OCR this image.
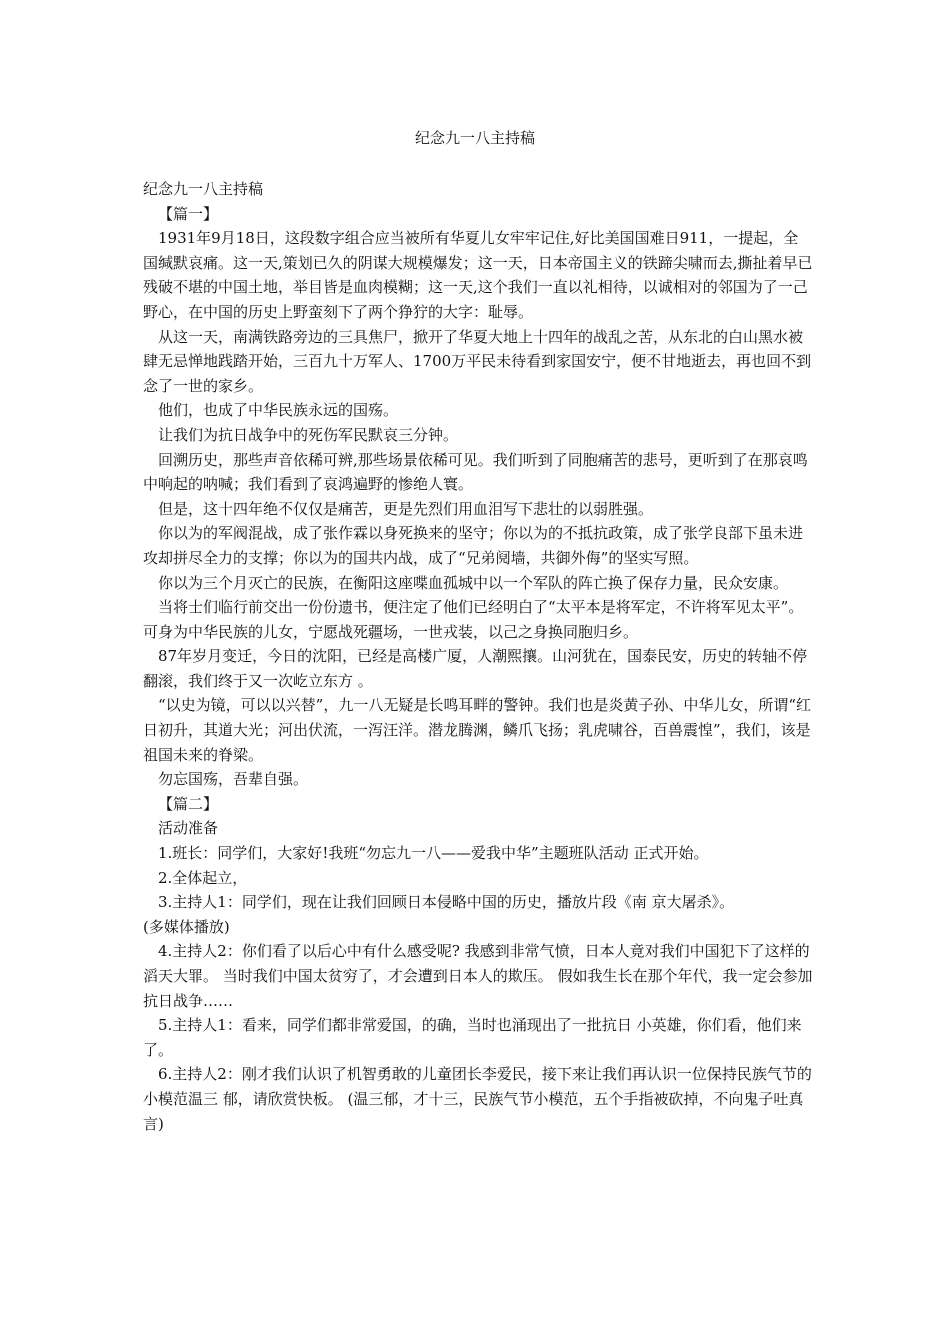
纪念九一八主持稿

纪念九一八主持稿

【篇一】

1931年9月18日，这段数字组合应当被所有华夏儿女牢牢记住,好比美国国难日911，一提起，全国缄默哀痛。这一天,策划已久的阴谋大规模爆发；这一天，日本帝国主义的铁蹄尖啸而去,撕扯着早已残破不堪的中国土地，举目皆是血肉模糊；这一天,这个我们一直以礼相待，以诚相对的邻国为了一己野心，在中国的历史上野蛮刻下了两个狰狞的大字：耻辱。

从这一天，南满铁路旁边的三具焦尸，掀开了华夏大地上十四年的战乱之苦，从东北的白山黑水被肆无忌惮地践踏开始，三百九十万军人、1700万平民未待看到家国安宁，便不甘地逝去，再也回不到念了一世的家乡。

他们，也成了中华民族永远的国殇。

让我们为抗日战争中的死伤军民默哀三分钟。

回溯历史，那些声音依稀可辨,那些场景依稀可见。我们听到了同胞痛苦的悲号，更听到了在那哀鸣中响起的呐喊；我们看到了哀鸿遍野的惨绝人寰。

但是，这十四年绝不仅仅是痛苦，更是先烈们用血泪写下悲壮的以弱胜强。

你以为的军阀混战，成了张作霖以身死换来的坚守；你以为的不抵抗政策，成了张学良部下虽未进攻却拼尽全力的支撑；你以为的国共内战，成了“兄弟阋墙，共御外侮”的坚实写照。

你以为三个月灭亡的民族，在衡阳这座喋血孤城中以一个军队的阵亡换了保存力量，民众安康。

当将士们临行前交出一份份遗书，便注定了他们已经明白了“太平本是将军定，不许将军见太平”。可身为中华民族的儿女，宁愿战死疆场，一世戎装，以己之身换同胞归乡。

87年岁月变迁，今日的沈阳，已经是高楼广厦，人潮熙攘。山河犹在，国泰民安，历史的转轴不停翻滚，我们终于又一次屹立东方 。

“以史为镜，可以以兴替”，九一八无疑是长鸣耳畔的警钟。我们也是炎黄子孙、中华儿女，所谓“红日初升，其道大光；河出伏流，一泻汪洋。潜龙腾渊，鳞爪飞扬；乳虎啸谷，百兽震惶”，我们，该是祖国未来的脊梁。

勿忘国殇，吾辈自强。

【篇二】

活动准备

1.班长：同学们，大家好!我班“勿忘九一八——爱我中华”主题班队活动 正式开始。

2.全体起立，

3.主持人1：同学们，现在让我们回顾日本侵略中国的历史，播放片段《南 京大屠杀》。

(多媒体播放)

4.主持人2：你们看了以后心中有什么感受呢? 我感到非常气愤，日本人竟对我们中国犯下了这样的滔天大罪。 当时我们中国太贫穷了，才会遭到日本人的欺压。 假如我生长在那个年代，我一定会参加抗日战争……

5.主持人1：看来，同学们都非常爱国，的确，当时也涌现出了一批抗日 小英雄，你们看，他们来了。

6.主持人2：刚才我们认识了机智勇敢的儿童团长李爱民，接下来让我们再认识一位保持民族气节的小模范温三 郁，请欣赏快板。 (温三郁，才十三，民族气节小模范，五个手指被砍掉，不向鬼子吐真言)
